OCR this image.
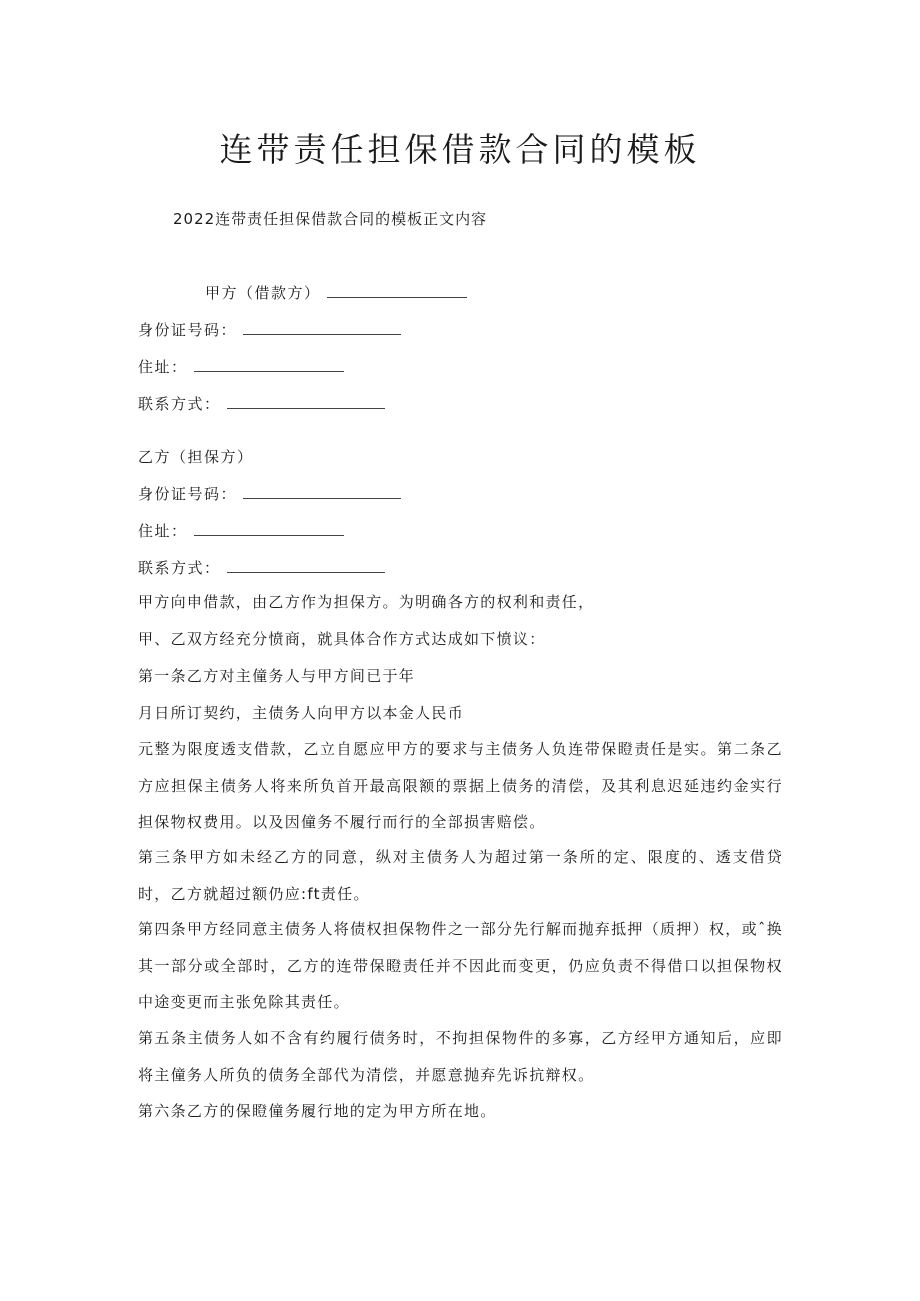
连带责任担保借款合同的模板
2022连带责任担保借款合同的模板正文内容
甲方（借款方）
身份证号码：
住址：
联系方式：
乙方（担保方）
身份证号码：
住址：
联系方式：
甲方向申借款，由乙方作为担保方。为明确各方的权利和责任，
甲、乙双方经充分愤商，就具体合作方式达成如下愤议：
第一条乙方对主僮务人与甲方间已于年
月日所订契约，主债务人向甲方以本金人民币
元整为限度透支借款，乙立自愿应甲方的要求与主债务人负连带保瞪责任是实。第二条乙方应担保主债务人将来所负首开最高限额的票据上债务的清偿，及其利息迟延违约金实行担保物权费用。以及因僮务不履行而行的全部损害赔偿。
第三条甲方如未经乙方的同意，纵对主债务人为超过第一条所的定、限度的、透支借贷时，乙方就超过额仍应:ft责任。
第四条甲方经同意主债务人将债权担保物件之一部分先行解而抛弃抵押（质押）权，或ˆ换其一部分或全部时，乙方的连带保瞪责任并不因此而变更，仍应负责不得借口以担保物权中途变更而主张免除其责任。
第五条主债务人如不含有约履行债务时，不拘担保物件的多寡，乙方经甲方通知后，应即将主僮务人所负的债务全部代为清偿，并愿意抛弃先诉抗辩权。
第六条乙方的保瞪僮务履行地的定为甲方所在地。
